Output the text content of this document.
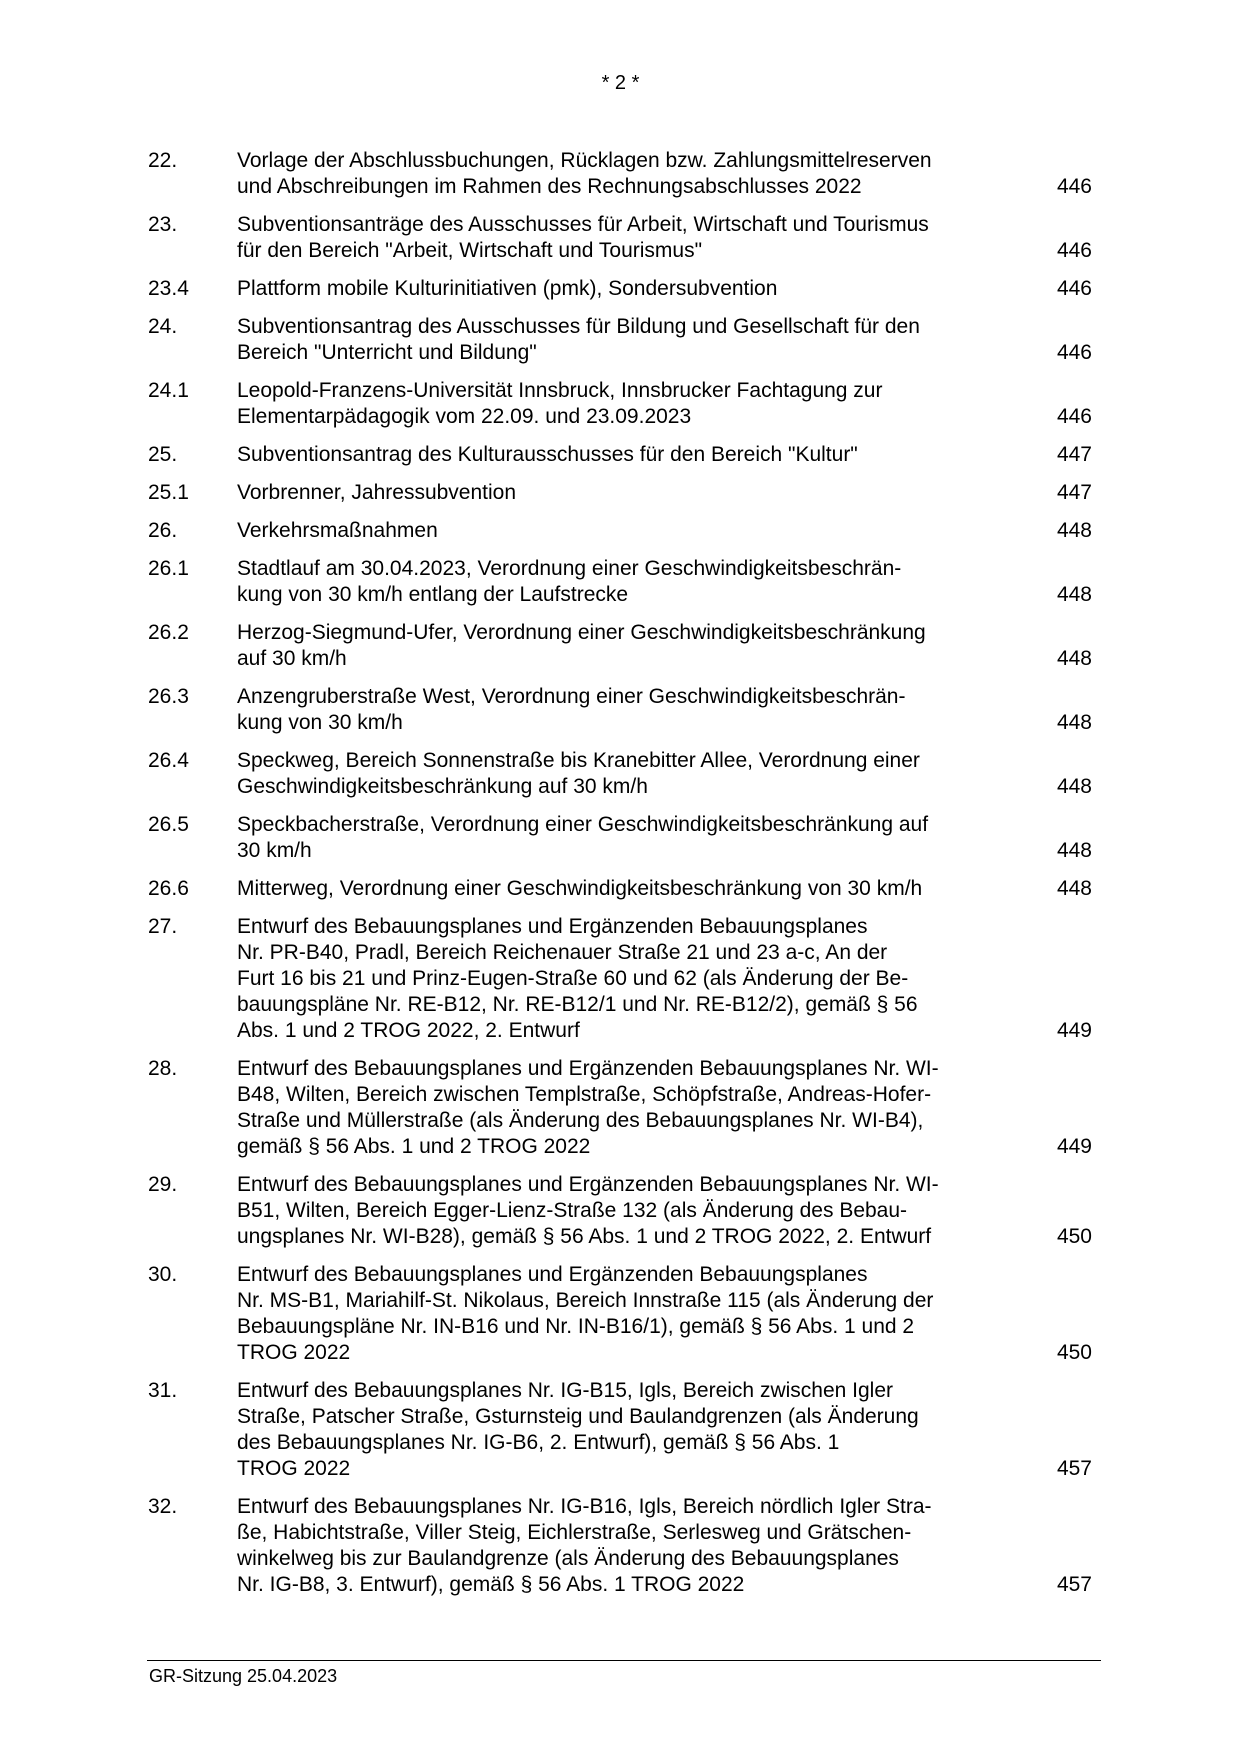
* 2 *
22.	Vorlage der Abschlussbuchungen, Rücklagen bzw. Zahlungsmittelreserven
und Abschreibungen im Rahmen des Rechnungsabschlusses 2022	446
23.	Subventionsanträge des Ausschusses für Arbeit, Wirtschaft und Tourismus
für den Bereich "Arbeit, Wirtschaft und Tourismus"	446
23.4 Plattform mobile Kulturinitiativen (pmk), Sondersubvention	446
24.	Subventionsantrag des Ausschusses für Bildung und Gesellschaft für den
Bereich "Unterricht und Bildung"	446
24.1 Leopold-Franzens-Universität Innsbruck, Innsbrucker Fachtagung zur
Elementarpädagogik vom 22.09. und 23.09.2023	446
25.	Subventionsantrag des Kulturausschusses für den Bereich "Kultur"	447
25.1 Vorbrenner, Jahressubvention	447
26.	Verkehrsmaßnahmen	448
26.1 Stadtlauf am 30.04.2023, Verordnung einer Geschwindigkeitsbeschrän-
kung von 30 km/h entlang der Laufstrecke	448
26.2 Herzog-Siegmund-Ufer, Verordnung einer Geschwindigkeitsbeschränkung
auf 30 km/h	448
26.3 Anzengruberstraße West, Verordnung einer Geschwindigkeitsbeschrän-
kung von 30 km/h	448
26.4 Speckweg, Bereich Sonnenstraße bis Kranebitter Allee, Verordnung einer
Geschwindigkeitsbeschränkung auf 30 km/h	448
26.5 Speckbacherstraße, Verordnung einer Geschwindigkeitsbeschränkung auf
30 km/h	448
26.6 Mitterweg, Verordnung einer Geschwindigkeitsbeschränkung von 30 km/h	448
27.	Entwurf des Bebauungsplanes und Ergänzenden Bebauungsplanes
Nr. PR-B40, Pradl, Bereich Reichenauer Straße 21 und 23 a-c, An der
Furt 16 bis 21 und Prinz-Eugen-Straße 60 und 62 (als Änderung der Be-
bauungspläne Nr. RE-B12, Nr. RE-B12/1 und Nr. RE-B12/2), gemäß § 56
Abs. 1 und 2 TROG 2022, 2. Entwurf	449
28.	Entwurf des Bebauungsplanes und Ergänzenden Bebauungsplanes Nr. WI-
B48, Wilten, Bereich zwischen Templstraße, Schöpfstraße, Andreas-Hofer-
Straße und Müllerstraße (als Änderung des Bebauungsplanes Nr. WI-B4),
gemäß § 56 Abs. 1 und 2 TROG 2022	449
29.	Entwurf des Bebauungsplanes und Ergänzenden Bebauungsplanes Nr. WI-
B51, Wilten, Bereich Egger-Lienz-Straße 132 (als Änderung des Bebau-
ungsplanes Nr. WI-B28), gemäß § 56 Abs. 1 und 2 TROG 2022, 2. Entwurf	450
30.	Entwurf des Bebauungsplanes und Ergänzenden Bebauungsplanes
Nr. MS-B1, Mariahilf-St. Nikolaus, Bereich Innstraße 115 (als Änderung der
Bebauungspläne Nr. IN-B16 und Nr. IN-B16/1), gemäß § 56 Abs. 1 und 2
TROG 2022	450
31.	Entwurf des Bebauungsplanes Nr. IG-B15, Igls, Bereich zwischen Igler
Straße, Patscher Straße, Gsturnsteig und Baulandgrenzen (als Änderung
des Bebauungsplanes Nr. IG-B6, 2. Entwurf), gemäß § 56 Abs. 1
TROG 2022	457
32.	Entwurf des Bebauungsplanes Nr. IG-B16, Igls, Bereich nördlich Igler Stra-
ße, Habichtstraße, Viller Steig, Eichlerstraße, Serlesweg und Grätschen-
winkelweg bis zur Baulandgrenze (als Änderung des Bebauungsplanes
Nr. IG-B8, 3. Entwurf), gemäß § 56 Abs. 1 TROG 2022	457
GR-Sitzung 25.04.2023
